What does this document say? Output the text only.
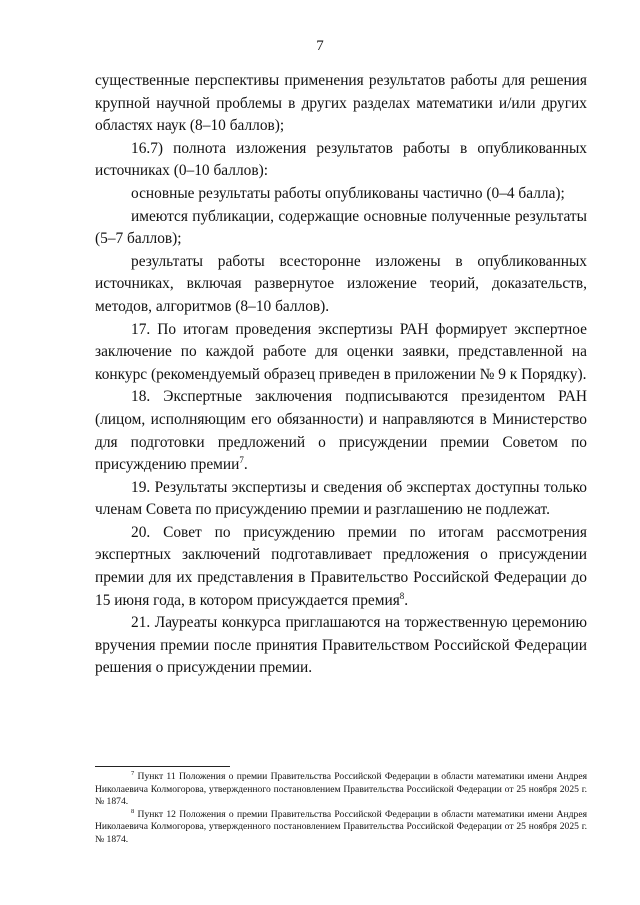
7

существенные перспективы применения результатов работы для решения крупной научной проблемы в других разделах математики и/или других областях наук (8–10 баллов);

16.7) полнота изложения результатов работы в опубликованных источниках (0–10 баллов):

основные результаты работы опубликованы частично (0–4 балла);

имеются публикации, содержащие основные полученные результаты (5–7 баллов);

результаты работы всесторонне изложены в опубликованных источниках, включая развернутое изложение теорий, доказательств, методов, алгоритмов (8–10 баллов).

17. По итогам проведения экспертизы РАН формирует экспертное заключение по каждой работе для оценки заявки, представленной на конкурс (рекомендуемый образец приведен в приложении № 9 к Порядку).

18. Экспертные заключения подписываются президентом РАН (лицом, исполняющим его обязанности) и направляются в Министерство для подготовки предложений о присуждении премии Советом по присуждению премии$^7$.

19. Результаты экспертизы и сведения об экспертах доступны только членам Совета по присуждению премии и разглашению не подлежат.

20. Совет по присуждению премии по итогам рассмотрения экспертных заключений подготавливает предложения о присуждении премии для их представления в Правительство Российской Федерации до 15 июня года, в котором присуждается премия$^8$.

21. Лауреаты конкурса приглашаются на торжественную церемонию вручения премии после принятия Правительством Российской Федерации решения о присуждении премии.

$^7$ Пункт 11 Положения о премии Правительства Российской Федерации в области математики имени Андрея Николаевича Колмогорова, утвержденного постановлением Правительства Российской Федерации от 25 ноября 2025 г. № 1874.

$^8$ Пункт 12 Положения о премии Правительства Российской Федерации в области математики имени Андрея Николаевича Колмогорова, утвержденного постановлением Правительства Российской Федерации от 25 ноября 2025 г. № 1874.
